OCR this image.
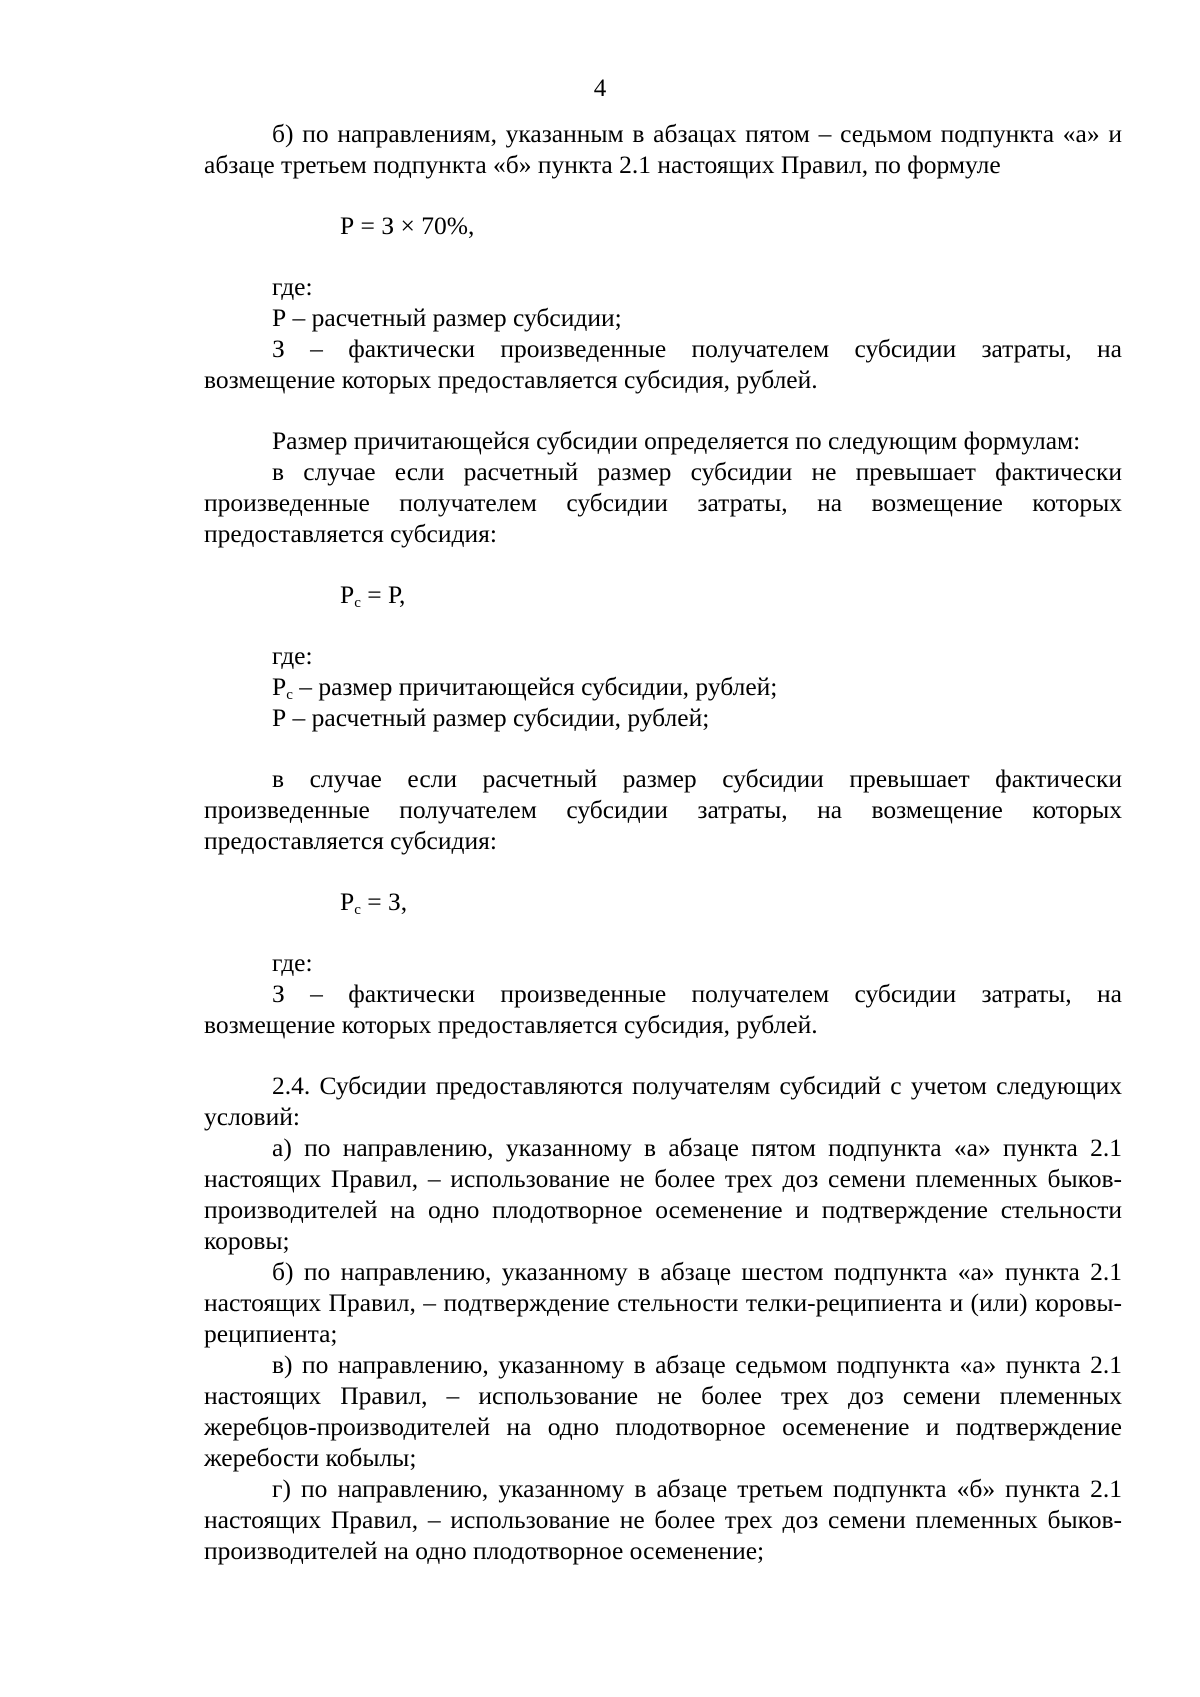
4

б) по направлениям, указанным в абзацах пятом – седьмом подпункта «а» и абзаце третьем подпункта «б» пункта 2.1 настоящих Правил, по формуле

Р = З × 70%,

где:

Р – расчетный размер субсидии;

З – фактически произведенные получателем субсидии затраты, на возмещение которых предоставляется субсидия, рублей.

Размер причитающейся субсидии определяется по следующим формулам:

в случае если расчетный размер субсидии не превышает фактически произведенные получателем субсидии затраты, на возмещение которых предоставляется субсидия:

$Р_с = Р$,

где:

$Р_с$ – размер причитающейся субсидии, рублей;

Р – расчетный размер субсидии, рублей;

в случае если расчетный размер субсидии превышает фактически произведенные получателем субсидии затраты, на возмещение которых предоставляется субсидия:

$Р_с = З$,

где:

З – фактически произведенные получателем субсидии затраты, на возмещение которых предоставляется субсидия, рублей.

2.4. Субсидии предоставляются получателям субсидий с учетом следующих условий:

а) по направлению, указанному в абзаце пятом подпункта «а» пункта 2.1 настоящих Правил, – использование не более трех доз семени племенных быков-производителей на одно плодотворное осеменение и подтверждение стельности коровы;

б) по направлению, указанному в абзаце шестом подпункта «а» пункта 2.1 настоящих Правил, – подтверждение стельности телки-реципиента и (или) коровы-реципиента;

в) по направлению, указанному в абзаце седьмом подпункта «а» пункта 2.1 настоящих Правил, – использование не более трех доз семени племенных жеребцов-производителей на одно плодотворное осеменение и подтверждение жеребости кобылы;

г) по направлению, указанному в абзаце третьем подпункта «б» пункта 2.1 настоящих Правил, – использование не более трех доз семени племенных быков-производителей на одно плодотворное осеменение;
